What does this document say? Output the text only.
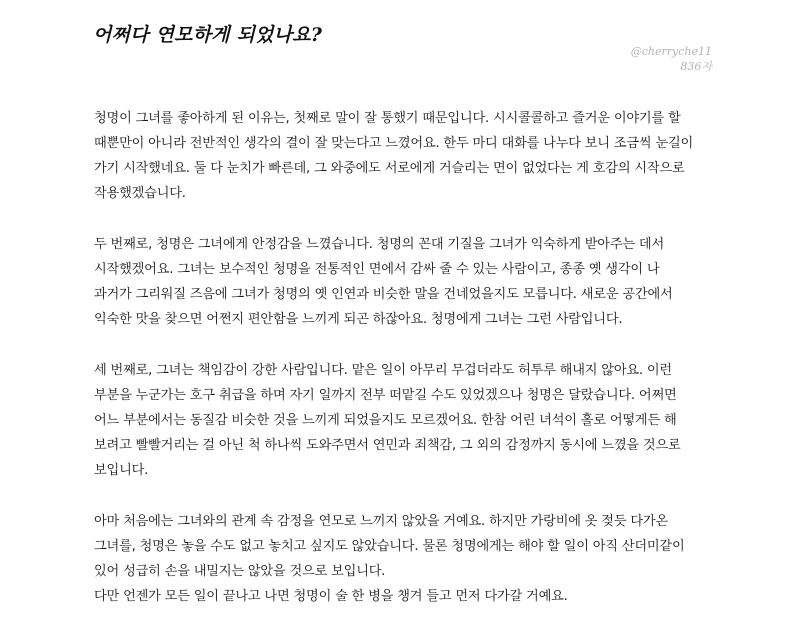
어쩌다 연모하게 되었나요?
@cherryche11
836자

청명이 그녀를 좋아하게 된 이유는, 첫째로 말이 잘 통했기 때문입니다. 시시콜콜하고 즐거운 이야기를 할
때뿐만이 아니라 전반적인 생각의 결이 잘 맞는다고 느꼈어요. 한두 마디 대화를 나누다 보니 조금씩 눈길이
가기 시작했네요. 둘 다 눈치가 빠른데, 그 와중에도 서로에게 거슬리는 면이 없었다는 게 호감의 시작으로
작용했겠습니다.

두 번째로, 청명은 그녀에게 안정감을 느꼈습니다. 청명의 꼰대 기질을 그녀가 익숙하게 받아주는 데서
시작했겠어요. 그녀는 보수적인 청명을 전통적인 면에서 감싸 줄 수 있는 사람이고, 종종 옛 생각이 나
과거가 그리워질 즈음에 그녀가 청명의 옛 인연과 비슷한 말을 건네었을지도 모릅니다. 새로운 공간에서
익숙한 맛을 찾으면 어쩐지 편안함을 느끼게 되곤 하잖아요. 청명에게 그녀는 그런 사람입니다.

세 번째로, 그녀는 책임감이 강한 사람입니다. 맡은 일이 아무리 무겁더라도 허투루 해내지 않아요. 이런
부분을 누군가는 호구 취급을 하며 자기 일까지 전부 떠맡길 수도 있었겠으나 청명은 달랐습니다. 어쩌면
어느 부분에서는 동질감 비슷한 것을 느끼게 되었을지도 모르겠어요. 한참 어린 녀석이 홀로 어떻게든 해
보려고 빨빨거리는 걸 아닌 척 하나씩 도와주면서 연민과 죄책감, 그 외의 감정까지 동시에 느꼈을 것으로
보입니다.

아마 처음에는 그녀와의 관계 속 감정을 연모로 느끼지 않았을 거예요. 하지만 가랑비에 옷 젖듯 다가온
그녀를, 청명은 놓을 수도 없고 놓치고 싶지도 않았습니다. 물론 청명에게는 해야 할 일이 아직 산더미같이
있어 성급히 손을 내밀지는 않았을 것으로 보입니다.
다만 언젠가 모든 일이 끝나고 나면 청명이 술 한 병을 챙겨 들고 먼저 다가갈 거예요.
